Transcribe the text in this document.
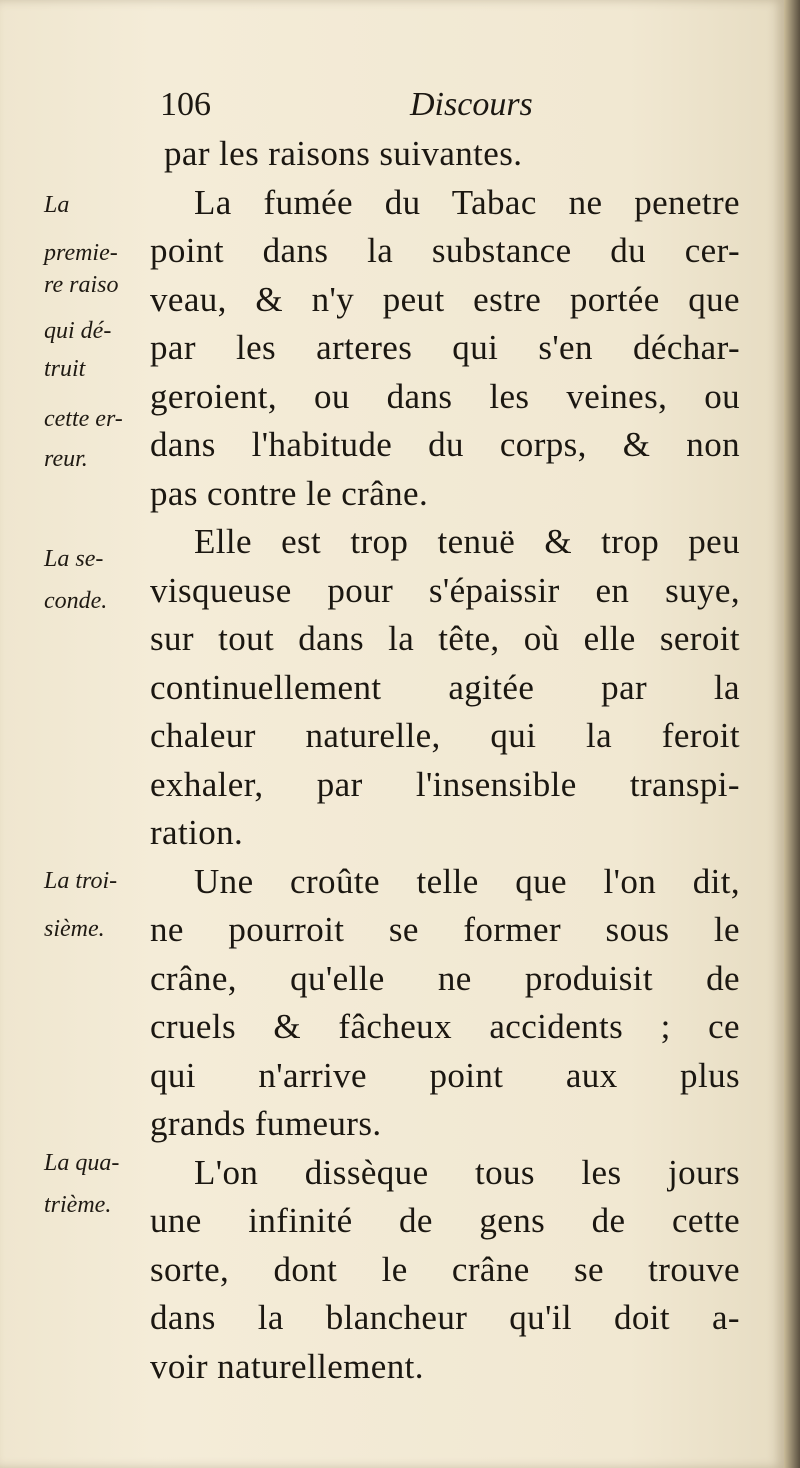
106	Discours
La
premie-
re raiso
qui dé-
truit
cette er-
reur.
La se-
conde.
La troi-
sième.
La qua-
trième.
par les raisons suivantes.
La fumée du Tabac ne penetre
point dans la substance du cer-
veau, & n'y peut estre portée que
par les arteres qui s'en déchar-
geroient, ou dans les veines, ou
dans l'habitude du corps, & non
pas contre le crâne.
Elle est trop tenuë & trop peu
visqueuse pour s'épaissir en suye,
sur tout dans la tête, où elle seroit
continuellement agitée par la
chaleur naturelle, qui la feroit
exhaler, par l'insensible transpi-
ration.
Une croûte telle que l'on dit,
ne pourroit se former sous le
crâne, qu'elle ne produisit de
cruels & fâcheux accidents ; ce
qui n'arrive point aux plus
grands fumeurs.
L'on dissèque tous les jours
une infinité de gens de cette
sorte, dont le crâne se trouve
dans la blancheur qu'il doit a-
voir naturellement.
